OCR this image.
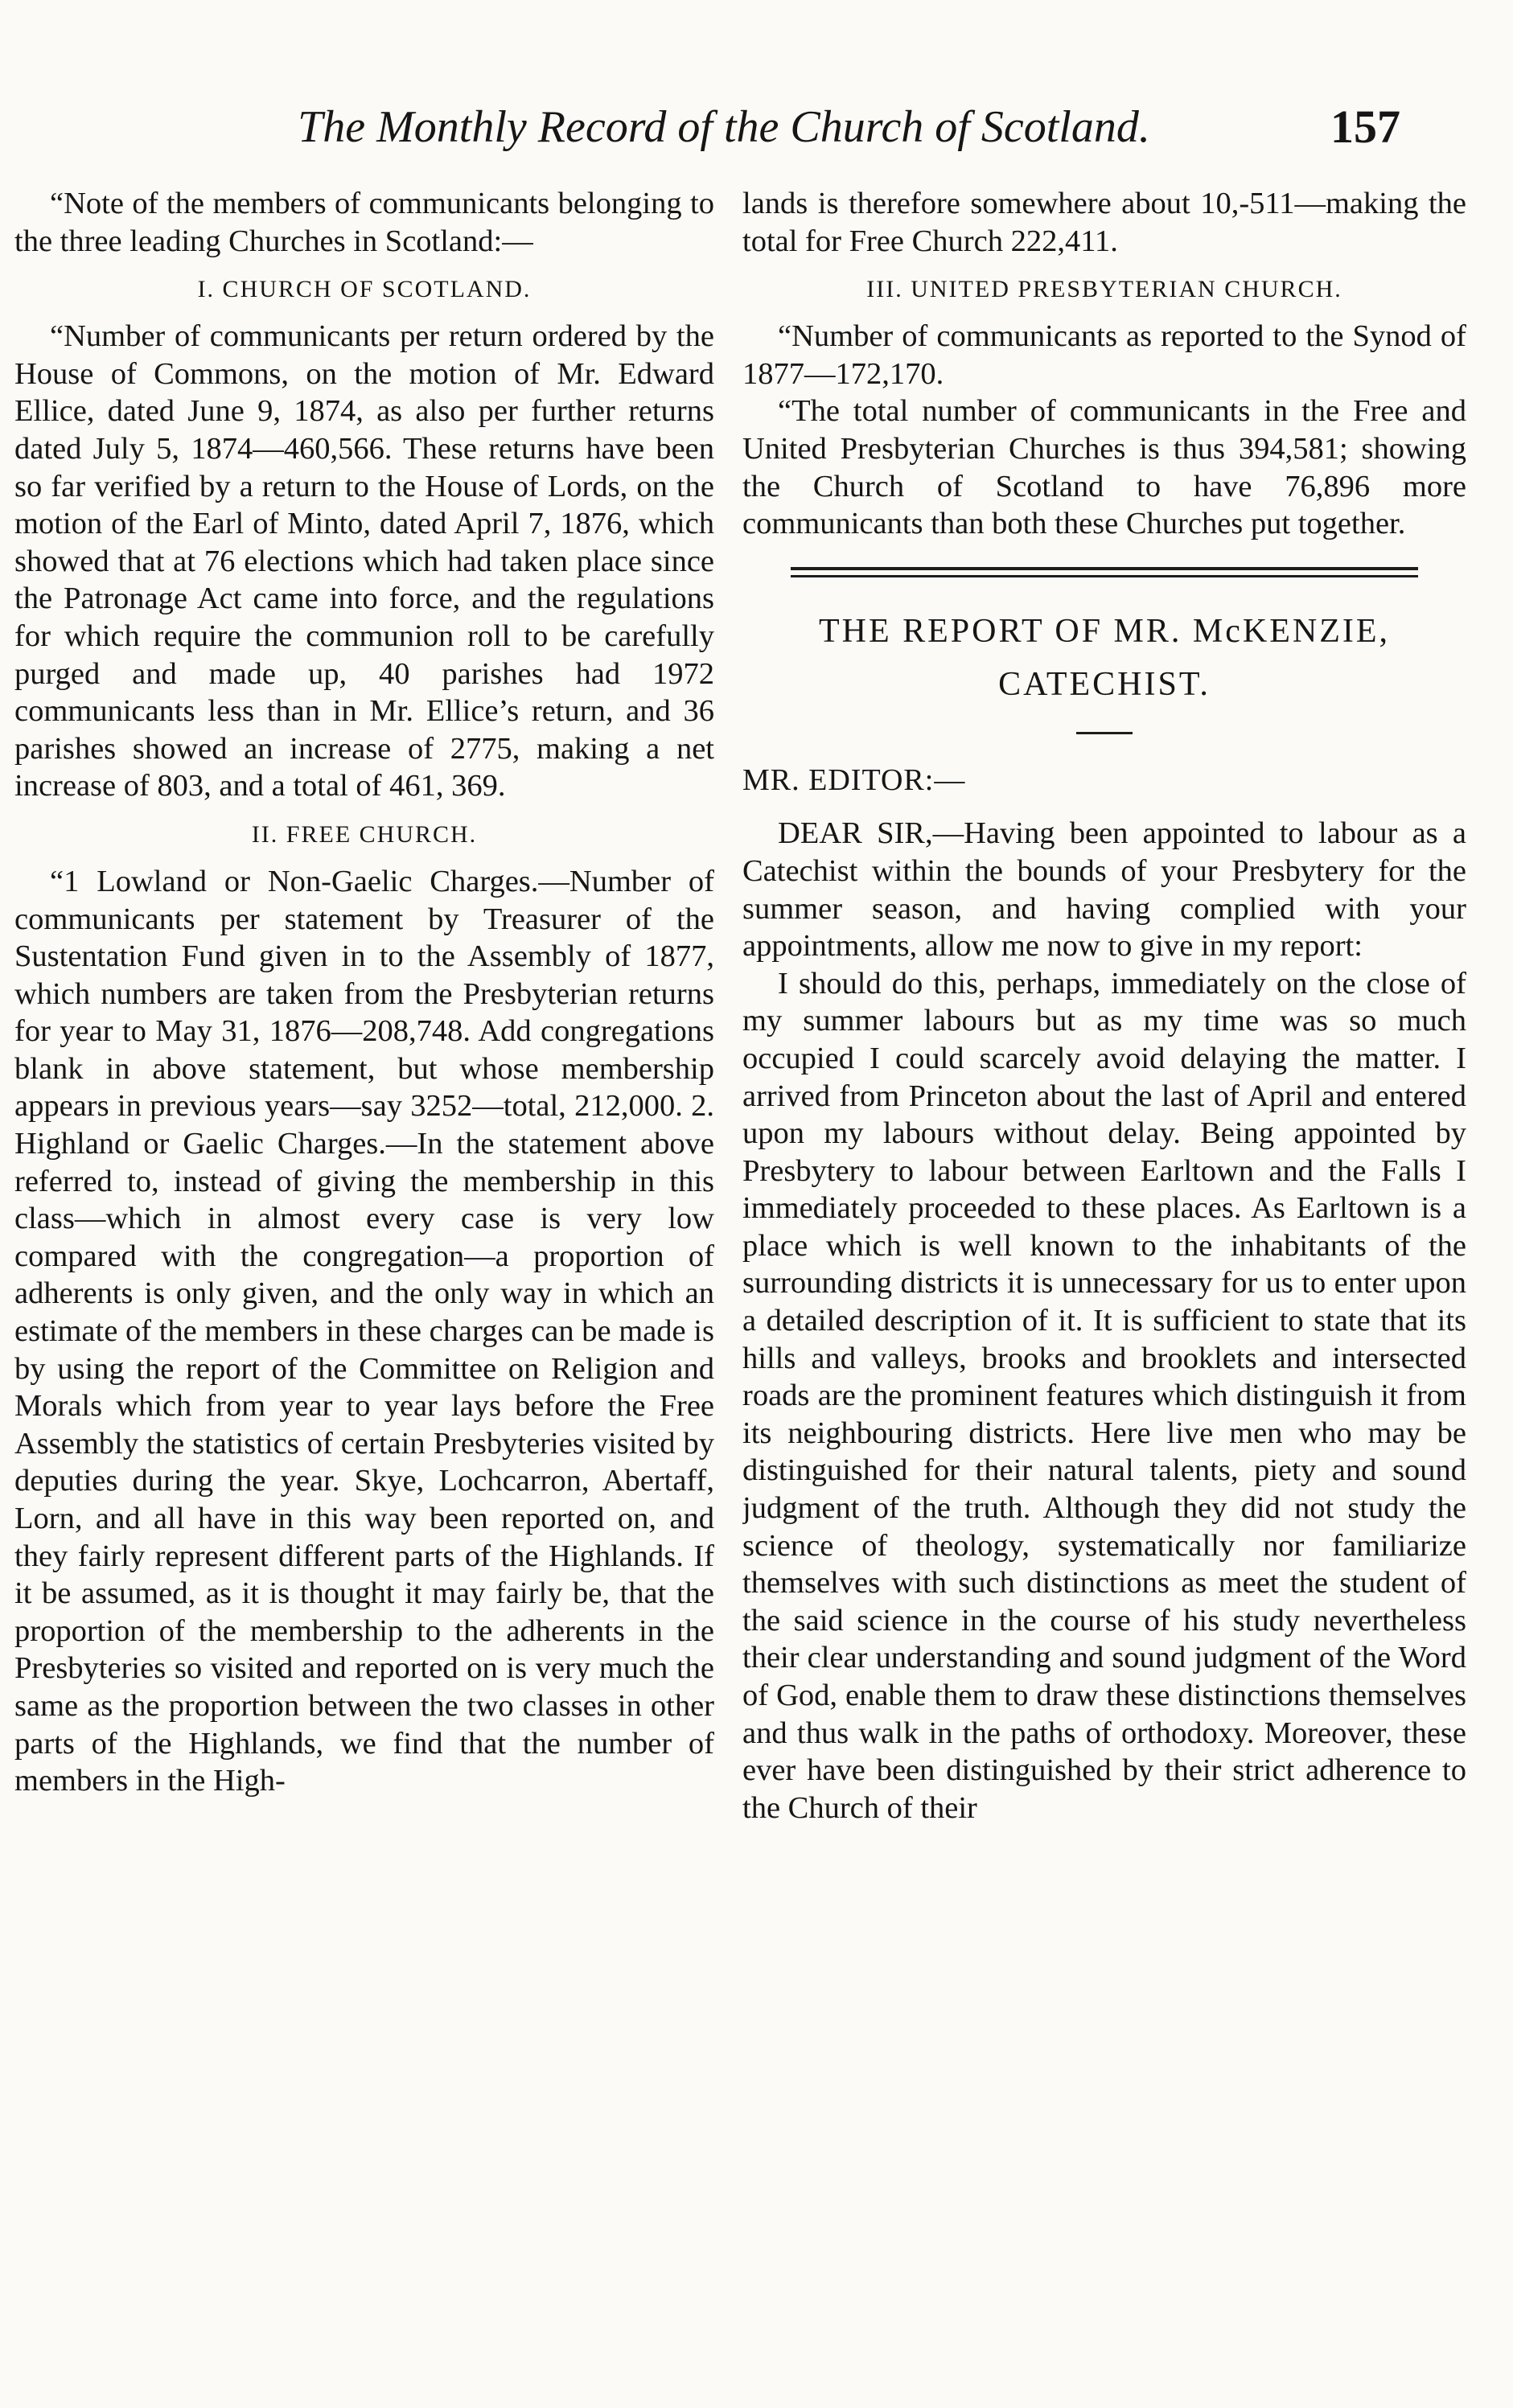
The Monthly Record of the Church of Scotland.	157

“Note of the members of communicants belonging to the three leading Churches in Scotland:—

I. CHURCH OF SCOTLAND.

“Number of communicants per return ordered by the House of Commons, on the motion of Mr. Edward Ellice, dated June 9, 1874, as also per further returns dated July 5, 1874—460,566. These returns have been so far verified by a return to the House of Lords, on the motion of the Earl of Minto, dated April 7, 1876, which showed that at 76 elections which had taken place since the Patronage Act came into force, and the regulations for which require the communion roll to be carefully purged and made up, 40 parishes had 1972 communicants less than in Mr. Ellice’s return, and 36 parishes showed an increase of 2775, making a net increase of 803, and a total of 461, 369.

II. FREE CHURCH.

“1 Lowland or Non-Gaelic Charges.—Number of communicants per statement by Treasurer of the Sustentation Fund given in to the Assembly of 1877, which numbers are taken from the Presbyterian returns for year to May 31, 1876—208,748. Add congregations blank in above statement, but whose membership appears in previous years—say 3252—total, 212,000. 2. Highland or Gaelic Charges.—In the statement above referred to, instead of giving the membership in this class—which in almost every case is very low compared with the congregation—a proportion of adherents is only given, and the only way in which an estimate of the members in these charges can be made is by using the report of the Committee on Religion and Morals which from year to year lays before the Free Assembly the statistics of certain Presbyteries visited by deputies during the year. Skye, Lochcarron, Abertaff, Lorn, and all have in this way been reported on, and they fairly represent different parts of the Highlands. If it be assumed, as it is thought it may fairly be, that the proportion of the membership to the adherents in the Presbyteries so visited and reported on is very much the same as the proportion between the two classes in other parts of the Highlands, we find that the number of members in the High-

lands is therefore somewhere about 10,-511—making the total for Free Church 222,411.

III. UNITED PRESBYTERIAN CHURCH.

“Number of communicants as reported to the Synod of 1877—172,170.

“The total number of communicants in the Free and United Presbyterian Churches is thus 394,581; showing the Church of Scotland to have 76,896 more communicants than both these Churches put together.

THE REPORT OF MR. McKENZIE, CATECHIST.
MR. EDITOR:—

DEAR SIR,—Having been appointed to labour as a Catechist within the bounds of your Presbytery for the summer season, and having complied with your appointments, allow me now to give in my report:

I should do this, perhaps, immediately on the close of my summer labours but as my time was so much occupied I could scarcely avoid delaying the matter. I arrived from Princeton about the last of April and entered upon my labours without delay. Being appointed by Presbytery to labour between Earltown and the Falls I immediately proceeded to these places. As Earltown is a place which is well known to the inhabitants of the surrounding districts it is unnecessary for us to enter upon a detailed description of it. It is sufficient to state that its hills and valleys, brooks and brooklets and intersected roads are the prominent features which distinguish it from its neighbouring districts. Here live men who may be distinguished for their natural talents, piety and sound judgment of the truth. Although they did not study the science of theology, systematically nor familiarize themselves with such distinctions as meet the student of the said science in the course of his study nevertheless their clear understanding and sound judgment of the Word of God, enable them to draw these distinctions themselves and thus walk in the paths of orthodoxy. Moreover, these ever have been distinguished by their strict adherence to the Church of their
